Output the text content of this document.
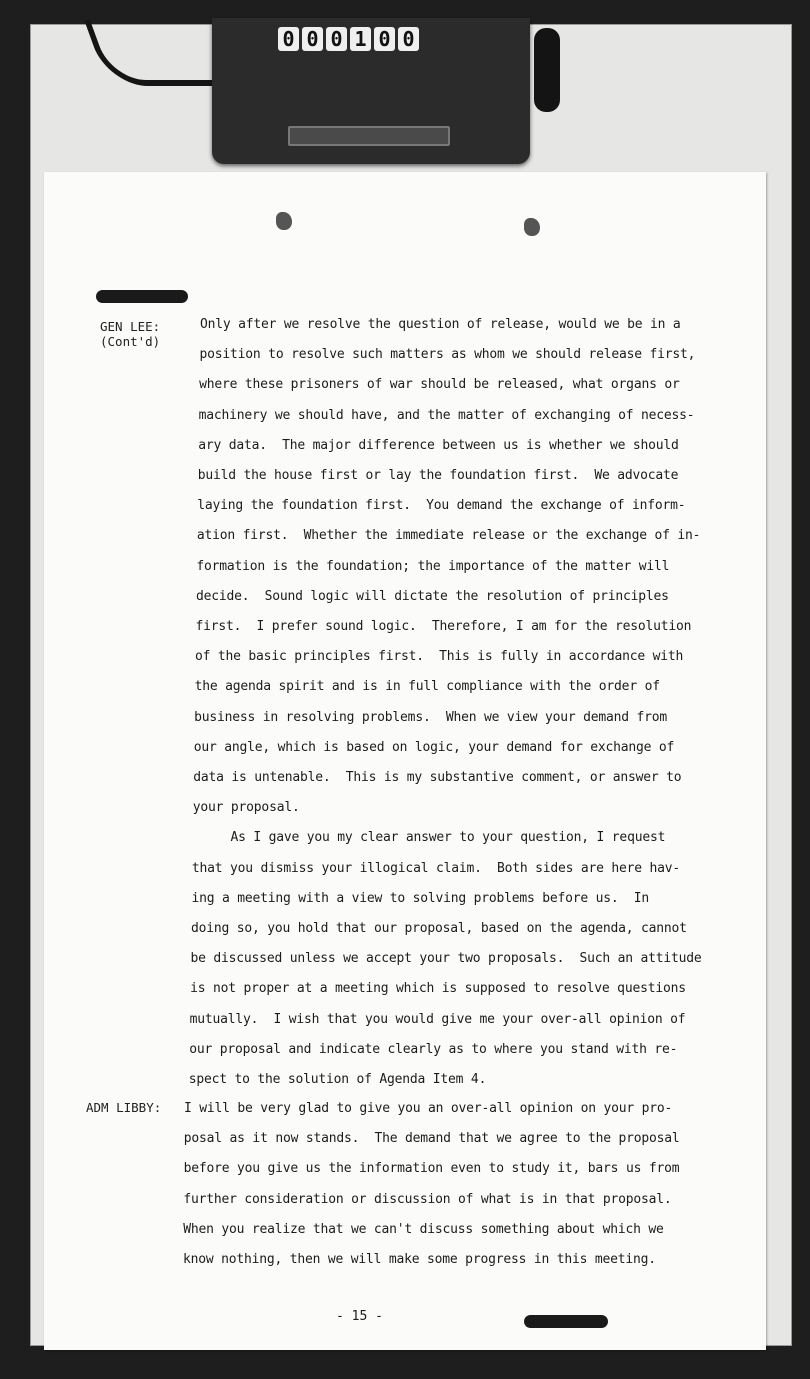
0 0 0 1 0 0
GEN LEE:
(Cont'd)
Only after we resolve the question of release, would we be in a
position to resolve such matters as whom we should release first,
where these prisoners of war should be released, what organs or
machinery we should have, and the matter of exchanging of necess-
ary data.  The major difference between us is whether we should
build the house first or lay the foundation first.  We advocate
laying the foundation first.  You demand the exchange of inform-
ation first.  Whether the immediate release or the exchange of in-
formation is the foundation; the importance of the matter will
decide.  Sound logic will dictate the resolution of principles
first.  I prefer sound logic.  Therefore, I am for the resolution
of the basic principles first.  This is fully in accordance with
the agenda spirit and is in full compliance with the order of
business in resolving problems.  When we view your demand from
our angle, which is based on logic, your demand for exchange of
data is untenable.  This is my substantive comment, or answer to
your proposal.
As I gave you my clear answer to your question, I request
that you dismiss your illogical claim.  Both sides are here hav-
ing a meeting with a view to solving problems before us.  In
doing so, you hold that our proposal, based on the agenda, cannot
be discussed unless we accept your two proposals.  Such an attitude
is not proper at a meeting which is supposed to resolve questions
mutually.  I wish that you would give me your over-all opinion of
our proposal and indicate clearly as to where you stand with re-
spect to the solution of Agenda Item 4.
ADM LIBBY: I will be very glad to give you an over-all opinion on your pro-
posal as it now stands.  The demand that we agree to the proposal
before you give us the information even to study it, bars us from
further consideration or discussion of what is in that proposal.
When you realize that we can't discuss something about which we
know nothing, then we will make some progress in this meeting.
- 15 -
